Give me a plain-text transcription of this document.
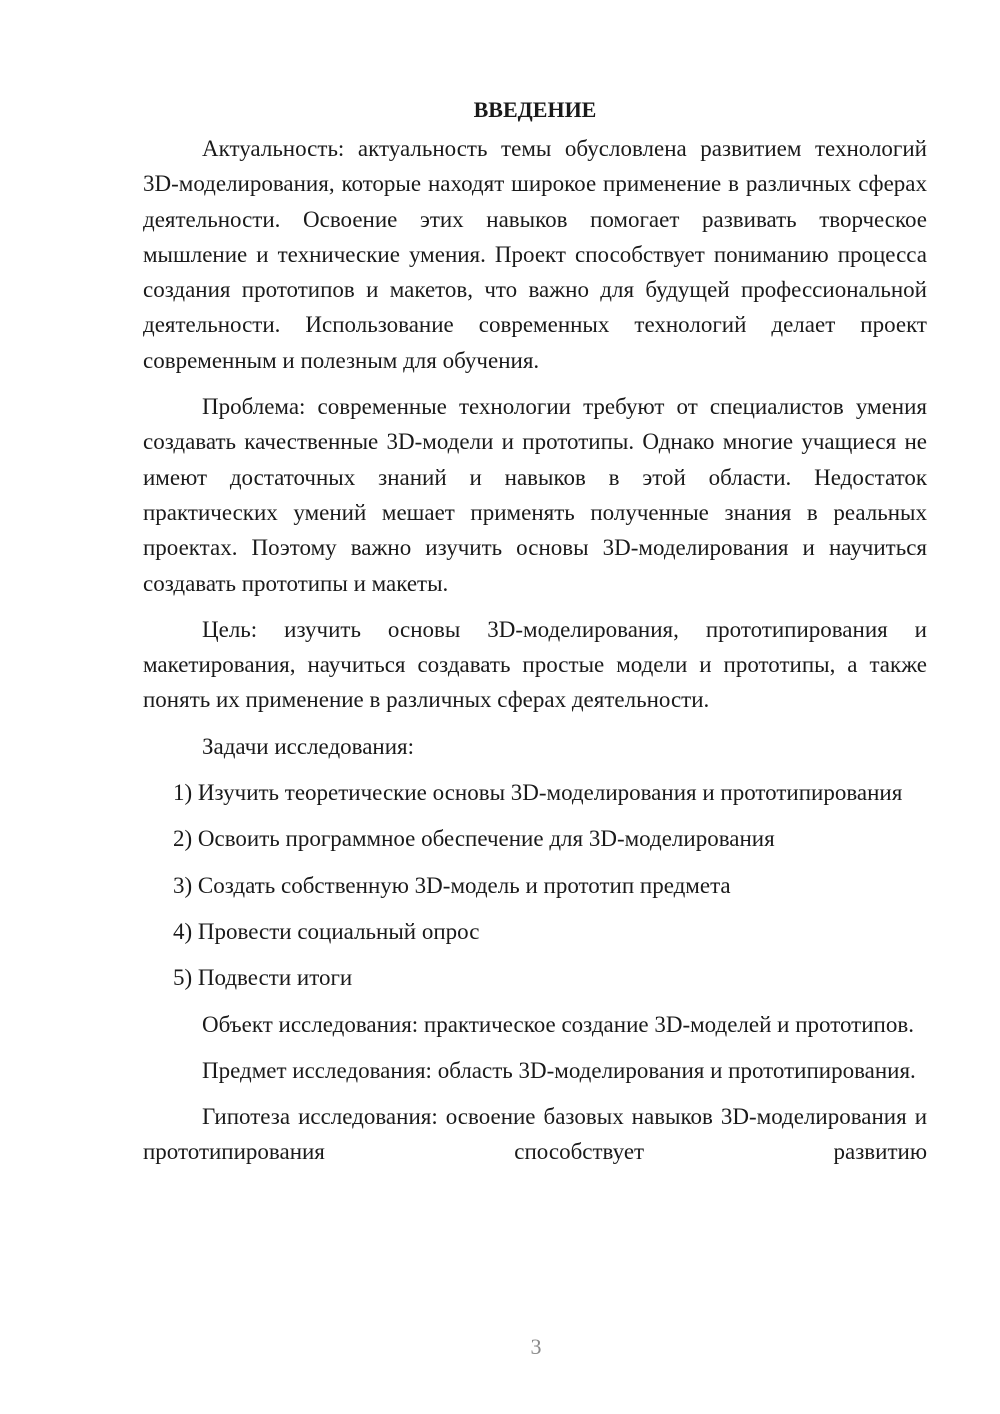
ВВЕДЕНИЕ

Актуальность: актуальность темы обусловлена развитием технологий 3D-моделирования, которые находят широкое применение в различных сферах деятельности. Освоение этих навыков помогает развивать творческое мышление и технические умения. Проект способствует пониманию процесса создания прототипов и макетов, что важно для будущей профессиональной деятельности. Использование современных технологий делает проект современным и полезным для обучения.

Проблема: современные технологии требуют от специалистов умения создавать качественные 3D-модели и прототипы. Однако многие учащиеся не имеют достаточных знаний и навыков в этой области. Недостаток практических умений мешает применять полученные знания в реальных проектах. Поэтому важно изучить основы 3D-моделирования и научиться создавать прототипы и макеты.

Цель: изучить основы 3D-моделирования, прототипирования и макетирования, научиться создавать простые модели и прототипы, а также понять их применение в различных сферах деятельности.

Задачи исследования:

1) Изучить теоретические основы 3D-моделирования и прототипирования

2) Освоить программное обеспечение для 3D-моделирования

3) Создать собственную 3D-модель и прототип предмета

4) Провести социальный опрос

5) Подвести итоги

Объект исследования: практическое создание 3D-моделей и прототипов.

Предмет исследования: область 3D-моделирования и прототипирования.

Гипотеза исследования: освоение базовых навыков 3D-моделирования и прототипирования способствует развитию

3
